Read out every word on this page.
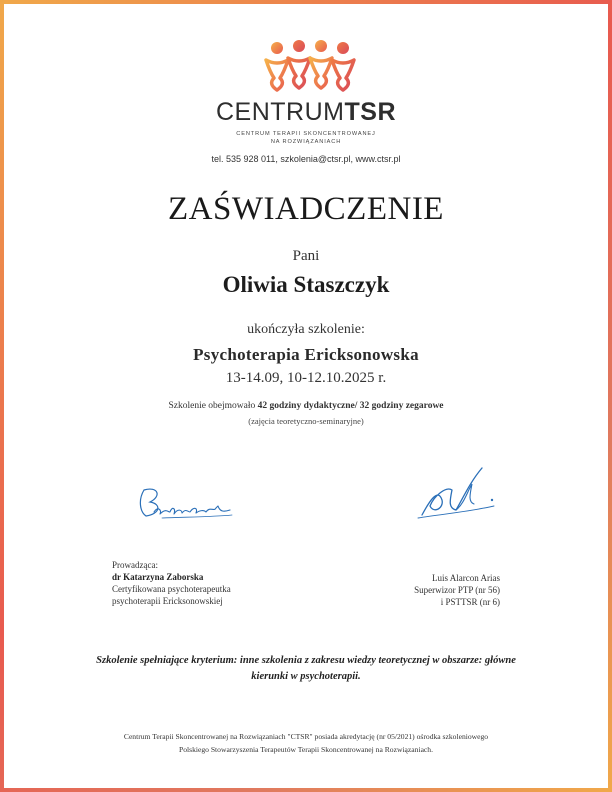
CENTRUMTSR
CENTRUM TERAPII SKONCENTROWANEJ
NA ROZWIĄZANIACH
tel. 535 928 011, szkolenia@ctsr.pl, www.ctsr.pl
ZAŚWIADCZENIE
Pani
Oliwia Staszczyk
ukończyła szkolenie:
Psychoterapia Ericksonowska
13-14.09, 10-12.10.2025 r.
Szkolenie obejmowało 42 godziny dydaktyczne/ 32 godziny zegarowe
(zajęcia teoretyczno-seminaryjne)
Prowadząca:
dr Katarzyna Zaborska
Certyfikowana psychoterapeutka
psychoterapii Ericksonowskiej
Luis Alarcon Arias
Superwizor PTP (nr 56)
i PSTTSR (nr 6)
Szkolenie spełniające kryterium: inne szkolenia z zakresu wiedzy teoretycznej w obszarze: główne kierunki w psychoterapii.
Centrum Terapii Skoncentrowanej na Rozwiązaniach "CTSR" posiada akredytację (nr 05/2021) ośrodka szkoleniowego
Polskiego Stowarzyszenia Terapeutów Terapii Skoncentrowanej na Rozwiązaniach.
